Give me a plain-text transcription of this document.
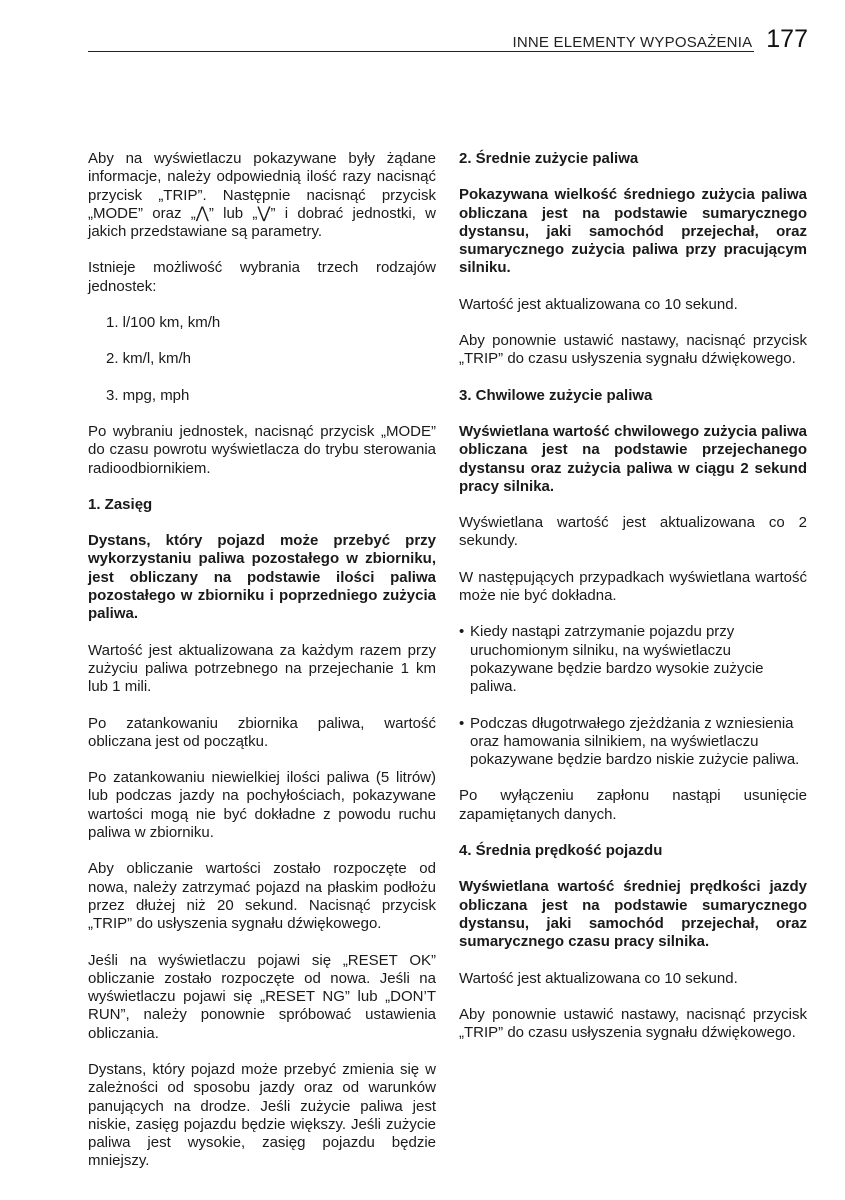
INNE ELEMENTY WYPOSAŻENIA 177

Aby na wyświetlaczu pokazywane były żądane informacje, należy odpowiednią ilość razy nacisnąć przycisk „TRIP”. Następnie nacisnąć przycisk „MODE” oraz „⋀” lub „⋁” i dobrać jednostki, w jakich przedstawiane są parametry.

Istnieje możliwość wybrania trzech rodzajów jednostek:

1. l/100 km, km/h

2. km/l, km/h

3. mpg, mph

Po wybraniu jednostek, nacisnąć przycisk „MODE” do czasu powrotu wyświetlacza do trybu sterowania radioodbiornikiem.

1. Zasięg

Dystans, który pojazd może przebyć przy wykorzystaniu paliwa pozostałego w zbiorniku, jest obliczany na podstawie ilości paliwa pozostałego w zbiorniku i poprzedniego zużycia paliwa.

Wartość jest aktualizowana za każdym razem przy zużyciu paliwa potrzebnego na przejechanie 1 km lub 1 mili.

Po zatankowaniu zbiornika paliwa, wartość obliczana jest od początku.

Po zatankowaniu niewielkiej ilości paliwa (5 litrów) lub podczas jazdy na pochyłościach, pokazywane wartości mogą nie być dokładne z powodu ruchu paliwa w zbiorniku.

Aby obliczanie wartości zostało rozpoczęte od nowa, należy zatrzymać pojazd na płaskim podłożu przez dłużej niż 20 sekund. Nacisnąć przycisk „TRIP” do usłyszenia sygnału dźwiękowego.

Jeśli na wyświetlaczu pojawi się „RESET OK” obliczanie zostało rozpoczęte od nowa. Jeśli na wyświetlaczu pojawi się „RESET NG” lub „DON’T RUN”, należy ponownie spróbować ustawienia obliczania.

Dystans, który pojazd może przebyć zmienia się w zależności od sposobu jazdy oraz od warunków panujących na drodze. Jeśli zużycie paliwa jest niskie, zasięg pojazdu będzie większy. Jeśli zużycie paliwa jest wysokie, zasięg pojazdu będzie mniejszy.

2. Średnie zużycie paliwa

Pokazywana wielkość średniego zużycia paliwa obliczana jest na podstawie sumarycznego dystansu, jaki samochód przejechał, oraz sumarycznego zużycia paliwa przy pracującym silniku.

Wartość jest aktualizowana co 10 sekund.

Aby ponownie ustawić nastawy, nacisnąć przycisk „TRIP” do czasu usłyszenia sygnału dźwiękowego.

3. Chwilowe zużycie paliwa

Wyświetlana wartość chwilowego zużycia paliwa obliczana jest na podstawie przejechanego dystansu oraz zużycia paliwa w ciągu 2 sekund pracy silnika.

Wyświetlana wartość jest aktualizowana co 2 sekundy.

W następujących przypadkach wyświetlana wartość może nie być dokładna.

• Kiedy nastąpi zatrzymanie pojazdu przy uruchomionym silniku, na wyświetlaczu pokazywane będzie bardzo wysokie zużycie paliwa.

• Podczas długotrwałego zjeżdżania z wzniesienia oraz hamowania silnikiem, na wyświetlaczu pokazywane będzie bardzo niskie zużycie paliwa.

Po wyłączeniu zapłonu nastąpi usunięcie zapamiętanych danych.

4. Średnia prędkość pojazdu

Wyświetlana wartość średniej prędkości jazdy obliczana jest na podstawie sumarycznego dystansu, jaki samochód przejechał, oraz sumarycznego czasu pracy silnika.

Wartość jest aktualizowana co 10 sekund.

Aby ponownie ustawić nastawy, nacisnąć przycisk „TRIP” do czasu usłyszenia sygnału dźwiękowego.
